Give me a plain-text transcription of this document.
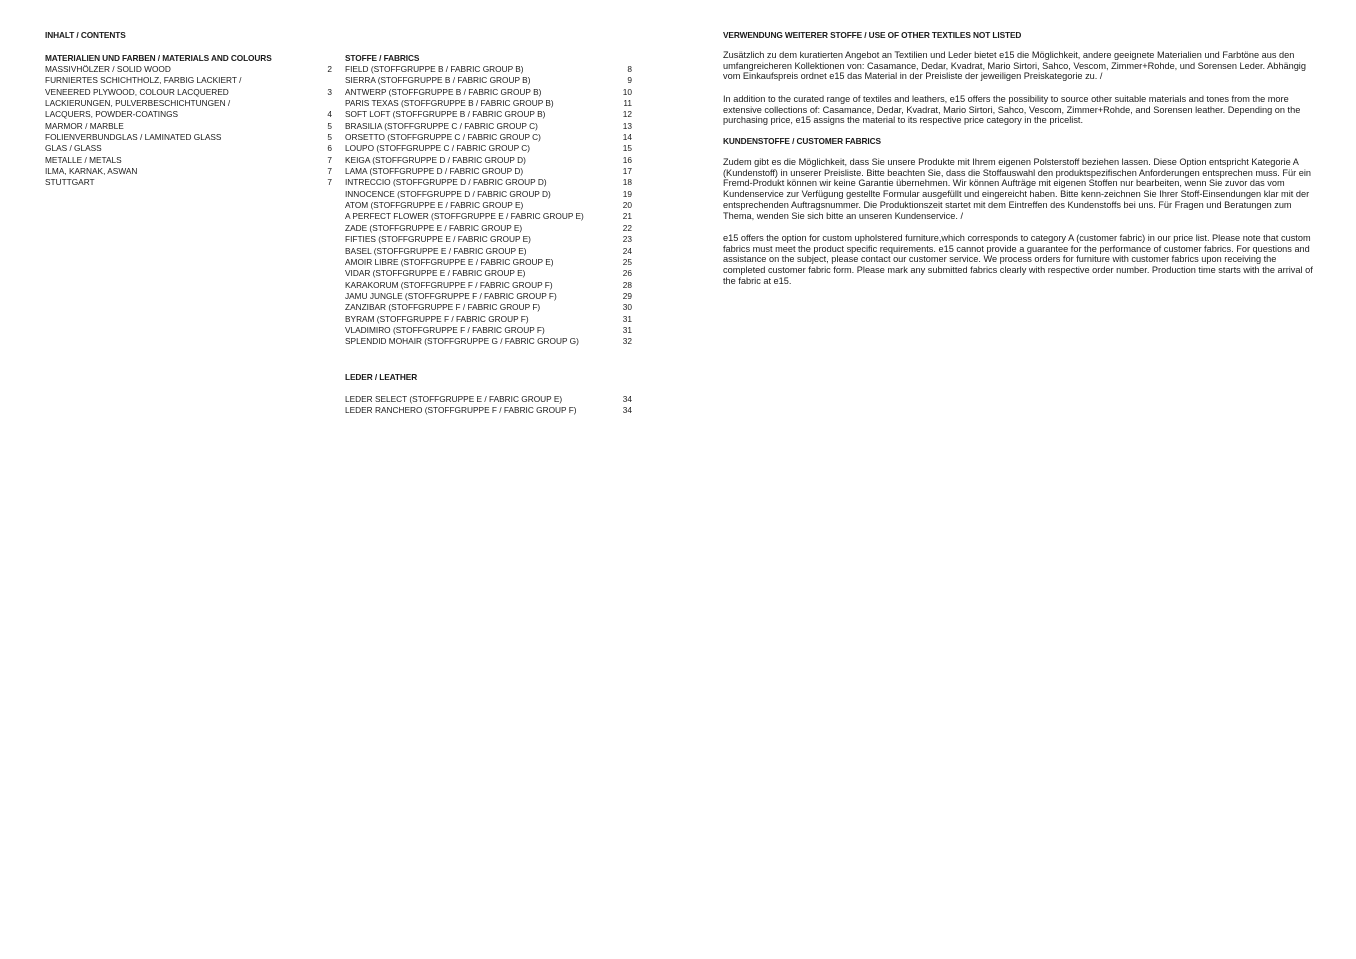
INHALT / CONTENTS
MATERIALIEN UND FARBEN / MATERIALS AND COLOURS
MASSIVHÖLZER / SOLID WOOD	2
FURNIERTES SCHICHTHOLZ, FARBIG LACKIERT /
VENEERED PLYWOOD, COLOUR LACQUERED	3
LACKIERUNGEN, PULVERBESCHICHTUNGEN /
LACQUERS, POWDER-COATINGS	4
MARMOR / MARBLE	5
FOLIENVERBUNDGLAS / LAMINATED GLASS	5
GLAS / GLASS	6
METALLE / METALS	7
ILMA, KARNAK, ASWAN	7
STUTTGART	7
STOFFE / FABRICS
FIELD (STOFFGRUPPE B / FABRIC GROUP B)	8
SIERRA (STOFFGRUPPE B / FABRIC GROUP B)	9
ANTWERP (STOFFGRUPPE B / FABRIC GROUP B)	10
PARIS TEXAS (STOFFGRUPPE B / FABRIC GROUP B)	11
SOFT LOFT (STOFFGRUPPE B / FABRIC GROUP B)	12
BRASILIA (STOFFGRUPPE C / FABRIC GROUP C)	13
ORSETTO (STOFFGRUPPE C / FABRIC GROUP C)	14
LOUPO (STOFFGRUPPE C / FABRIC GROUP C)	15
KEIGA (STOFFGRUPPE D / FABRIC GROUP D)	16
LAMA (STOFFGRUPPE D / FABRIC GROUP D)	17
INTRECCIO (STOFFGRUPPE D / FABRIC GROUP D)	18
INNOCENCE (STOFFGRUPPE D / FABRIC GROUP D)	19
ATOM (STOFFGRUPPE E / FABRIC GROUP E)	20
A PERFECT FLOWER (STOFFGRUPPE E / FABRIC GROUP E)	21
ZADE (STOFFGRUPPE E / FABRIC GROUP E)	22
FIFTIES (STOFFGRUPPE E / FABRIC GROUP E)	23
BASEL (STOFFGRUPPE E / FABRIC GROUP E)	24
AMOIR LIBRE (STOFFGRUPPE E / FABRIC GROUP E)	25
VIDAR (STOFFGRUPPE E / FABRIC GROUP E)	26
KARAKORUM (STOFFGRUPPE F / FABRIC GROUP F)	28
JAMU JUNGLE (STOFFGRUPPE F / FABRIC GROUP F)	29
ZANZIBAR (STOFFGRUPPE F / FABRIC GROUP F)	30
BYRAM (STOFFGRUPPE F / FABRIC GROUP F)	31
VLADIMIRO (STOFFGRUPPE F / FABRIC GROUP F)	31
SPLENDID MOHAIR (STOFFGRUPPE G / FABRIC GROUP G)	32
LEDER / LEATHER
LEDER SELECT (STOFFGRUPPE E / FABRIC GROUP E)	34
LEDER RANCHERO (STOFFGRUPPE F / FABRIC GROUP F)	34
VERWENDUNG WEITERER STOFFE / USE OF OTHER TEXTILES NOT LISTED

Zusätzlich zu dem kuratierten Angebot an Textilien und Leder bietet e15 die Möglichkeit, andere geeignete Materialien und Farbtöne aus den umfangreicheren Kollektionen von: Casamance, Dedar, Kvadrat, Mario Sirtori, Sahco, Vescom, Zimmer+Rohde, und Sorensen Leder. Abhängig vom Einkaufspreis ordnet e15 das Material in der Preisliste der jeweiligen Preiskategorie zu. /

In addition to the curated range of textiles and leathers, e15 offers the possibility to source other suitable materials and tones from the more extensive collections of: Casamance, Dedar, Kvadrat, Mario Sirtori, Sahco, Vescom, Zimmer+Rohde, and Sorensen leather. Depending on the purchasing price, e15 assigns the material to its respective price category in the pricelist.

KUNDENSTOFFE / CUSTOMER FABRICS

Zudem gibt es die Möglichkeit, dass Sie unsere Produkte mit Ihrem eigenen Polsterstoff beziehen lassen. Diese Option entspricht Kategorie A (Kundenstoff) in unserer Preisliste. Bitte beachten Sie, dass die Stoffauswahl den produktspezifischen Anforderungen entsprechen muss. Für ein Fremd-Produkt können wir keine Garantie übernehmen. Wir können Aufträge mit eigenen Stoffen nur bearbeiten, wenn Sie zuvor das vom Kundenservice zur Verfügung gestellte Formular ausgefüllt und eingereicht haben. Bitte kenn-zeichnen Sie Ihrer Stoff-Einsendungen klar mit der entsprechenden Auftragsnummer. Die Produktionszeit startet mit dem Eintreffen des Kundenstoffs bei uns. Für Fragen und Beratungen zum Thema, wenden Sie sich bitte an unseren Kundenservice. /

e15 offers the option for custom upholstered furniture,which corresponds to category A (customer fabric) in our price list. Please note that custom fabrics must meet the product specific requirements. e15 cannot provide a guarantee for the performance of customer fabrics. For questions and assistance on the subject, please contact our customer service. We process orders for furniture with customer fabrics upon receiving the completed customer fabric form. Please mark any submitted fabrics clearly with respective order number. Production time starts with the arrival of the fabric at e15.
